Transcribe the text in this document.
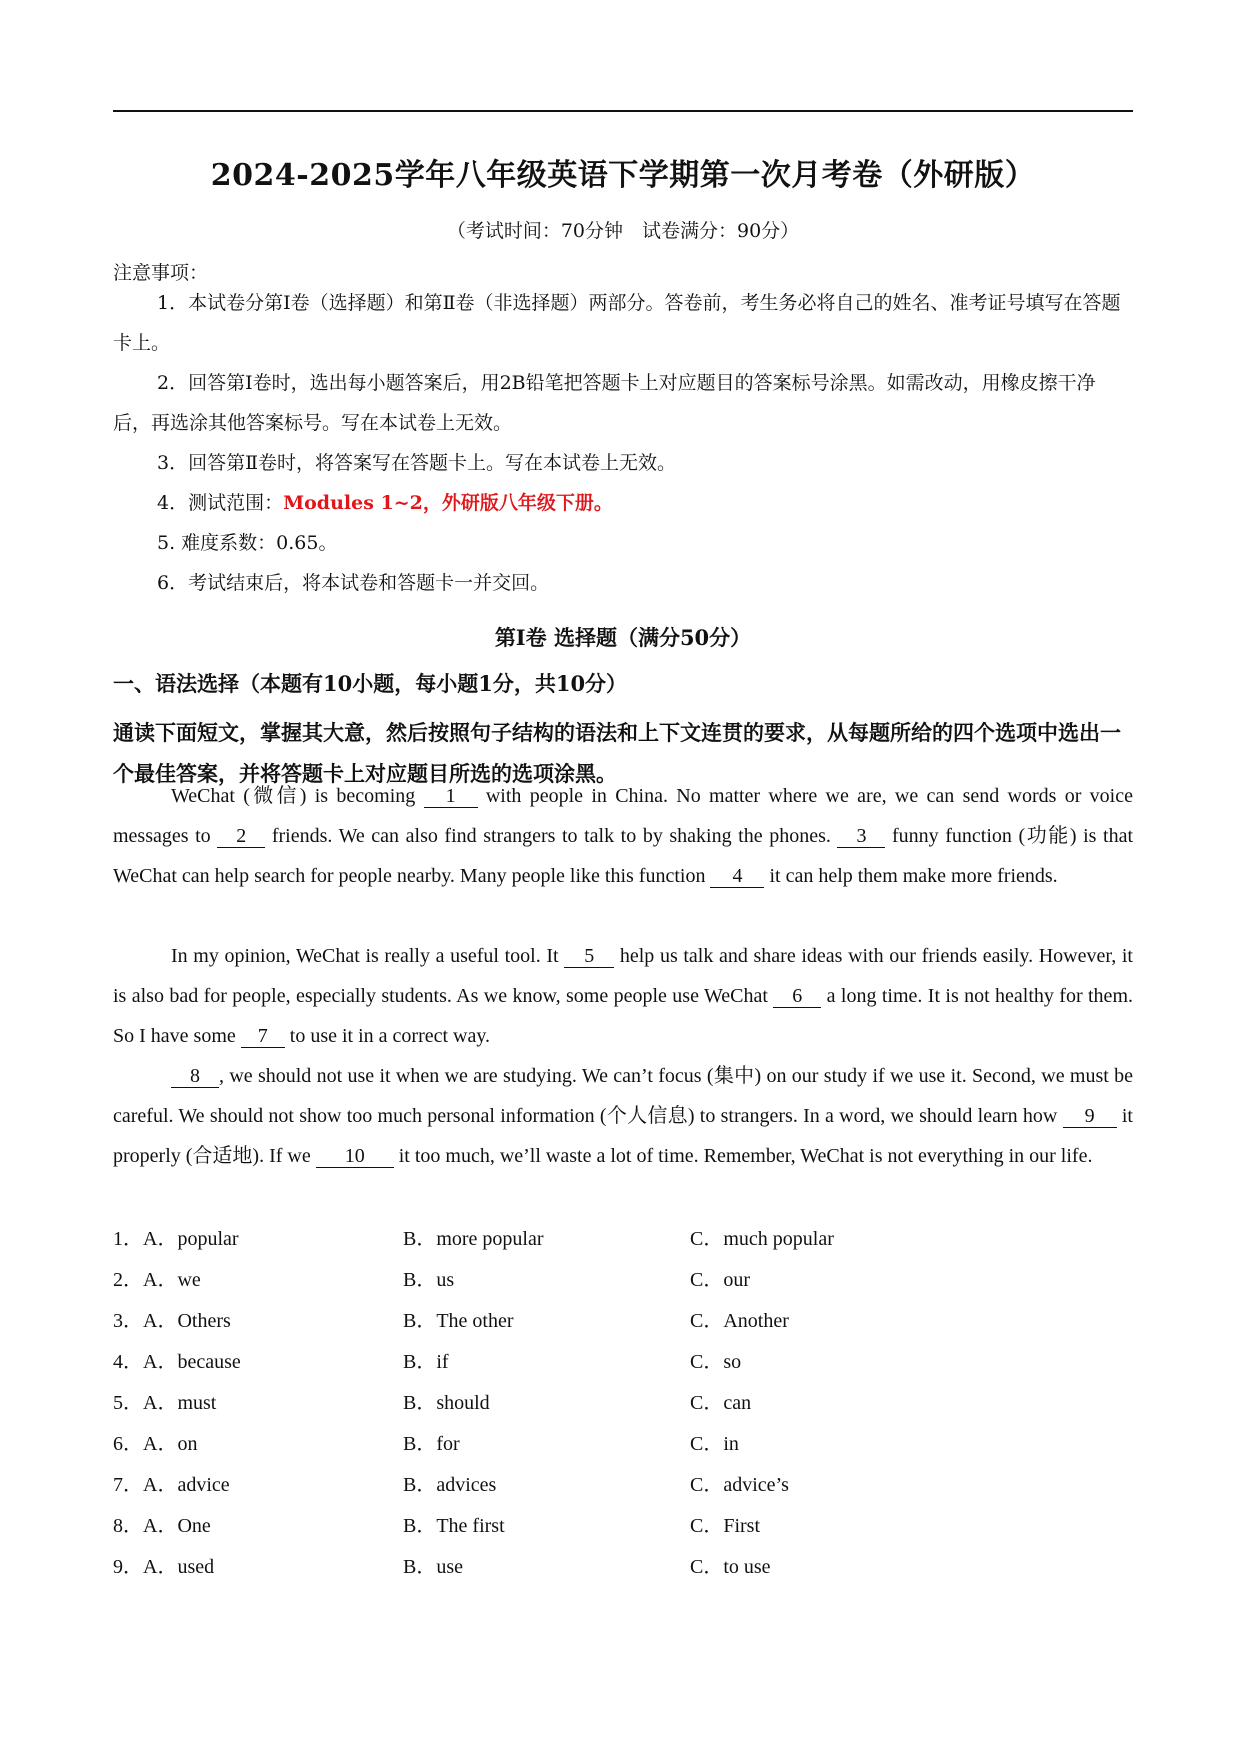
2024-2025学年八年级英语下学期第一次月考卷（外研版）
（考试时间：70分钟　试卷满分：90分）
注意事项：
1．本试卷分第Ⅰ卷（选择题）和第Ⅱ卷（非选择题）两部分。答卷前，考生务必将自己的姓名、准考证号填写在答题卡上。
2．回答第Ⅰ卷时，选出每小题答案后，用2B铅笔把答题卡上对应题目的答案标号涂黑。如需改动，用橡皮擦干净后，再选涂其他答案标号。写在本试卷上无效。
3．回答第Ⅱ卷时，将答案写在答题卡上。写在本试卷上无效。
4．测试范围：Modules 1~2，外研版八年级下册。
5. 难度系数：0.65。
6．考试结束后，将本试卷和答题卡一并交回。
第Ⅰ卷 选择题（满分50分）
一、语法选择（本题有10小题，每小题1分，共10分）
通读下面短文，掌握其大意，然后按照句子结构的语法和上下文连贯的要求，从每题所给的四个选项中选出一个最佳答案，并将答题卡上对应题目所选的选项涂黑。
WeChat (微信) is becoming 1 with people in China. No matter where we are, we can send words or voice messages to 2 friends. We can also find strangers to talk to by shaking the phones. 3 funny function (功能) is that WeChat can help search for people nearby. Many people like this function 4 it can help them make more friends.
In my opinion, WeChat is really a useful tool. It 5 help us talk and share ideas with our friends easily. However, it is also bad for people, especially students. As we know, some people use WeChat 6 a long time. It is not healthy for them. So I have some 7 to use it in a correct way.
8 , we should not use it when we are studying. We can’t focus (集中) on our study if we use it. Second, we must be careful. We should not show too much personal information (个人信息) to strangers. In a word, we should learn how 9 it properly (合适地). If we 10 it too much, we’ll waste a lot of time. Remember, WeChat is not everything in our life.
1． A．popular	B．more popular	C．much popular
2． A．we	B．us	C．our
3． A．Others	B．The other	C．Another
4． A．because	B．if	C．so
5． A．must	B．should	C．can
6． A．on	B．for	C．in
7． A．advice	B．advices	C．advice’s
8． A．One	B．The first	C．First
9． A．used	B．use	C．to use
